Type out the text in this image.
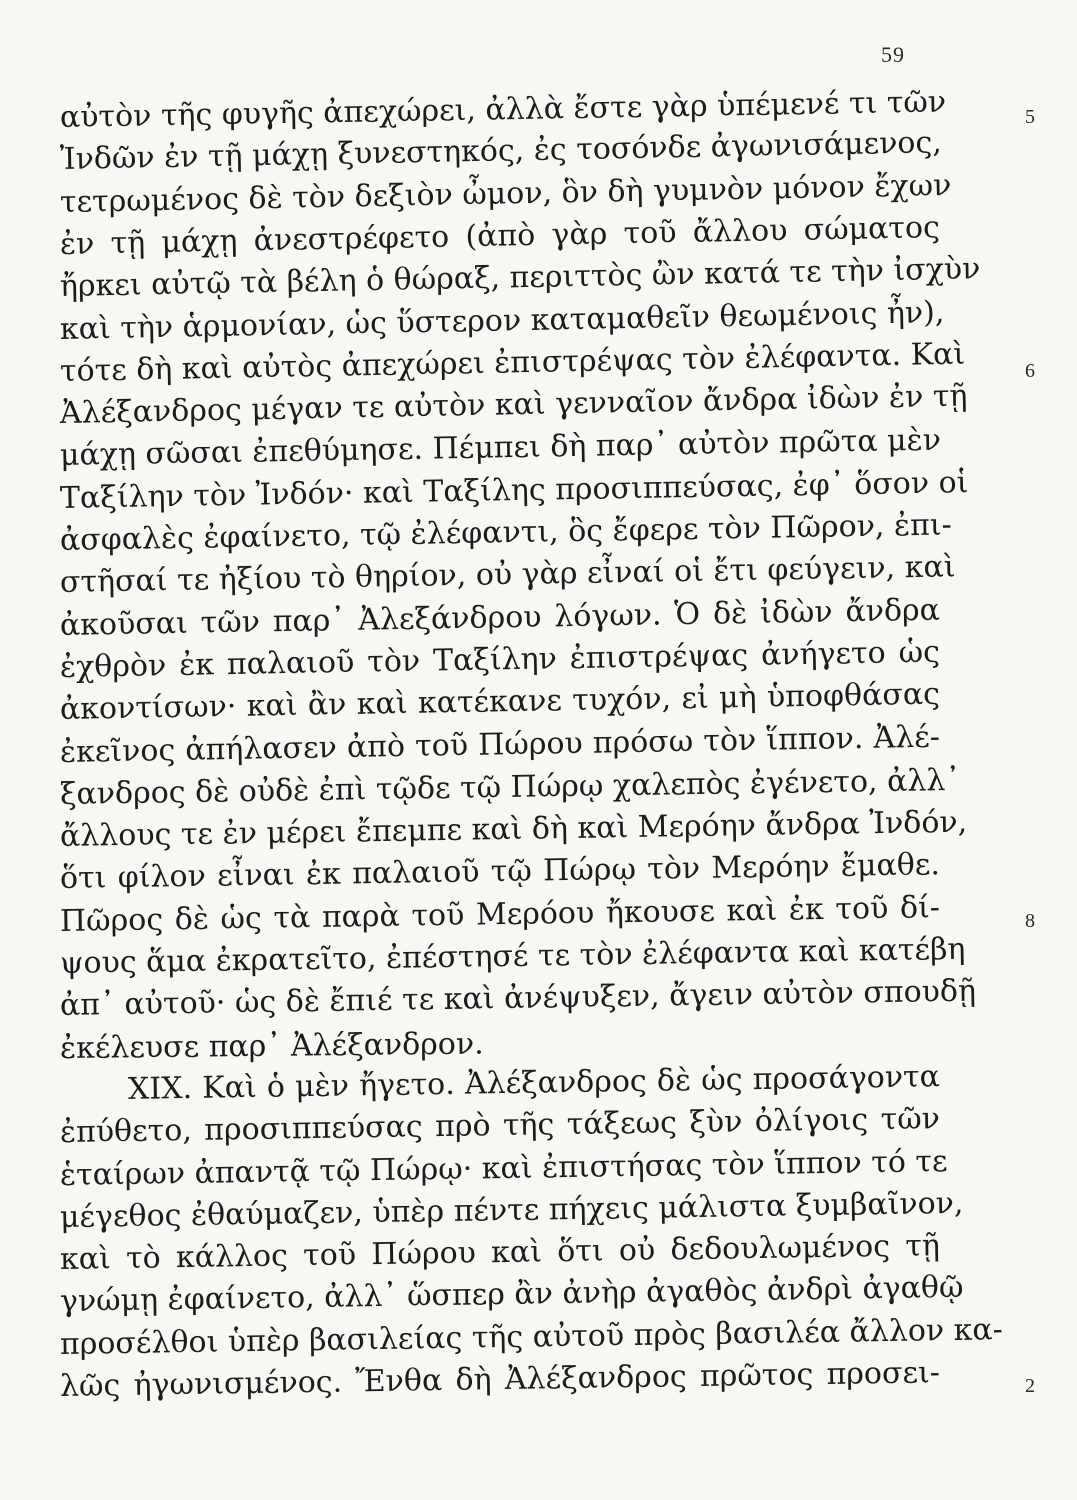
59
αὐτὸν τῆς φυγῆς ἀπεχώρει, ἀλλὰ ἔστε γὰρ ὑπέμενέ τι τῶν
Ἰνδῶν ἐν τῇ μάχῃ ξυνεστηκός, ἐς τοσόνδε ἀγωνισάμενος,
τετρωμένος δὲ τὸν δεξιὸν ὦμον, ὃν δὴ γυμνὸν μόνον ἔχων
ἐν τῇ μάχῃ ἀνεστρέφετο (ἀπὸ γὰρ τοῦ ἄλλου σώματος
ἤρκει αὐτῷ τὰ βέλη ὁ θώραξ, περιττὸς ὢν κατά τε τὴν ἰσχὺν
καὶ τὴν ἁρμονίαν, ὡς ὕστερον καταμαθεῖν θεωμένοις ἦν),
τότε δὴ καὶ αὐτὸς ἀπεχώρει ἐπιστρέψας τὸν ἐλέφαντα. Καὶ
Ἀλέξανδρος μέγαν τε αὐτὸν καὶ γενναῖον ἄνδρα ἰδὼν ἐν τῇ
μάχῃ σῶσαι ἐπεθύμησε. Πέμπει δὴ παρ᾽ αὐτὸν πρῶτα μὲν
Ταξίλην τὸν Ἰνδόν· καὶ Ταξίλης προσιππεύσας, ἐφ᾽ ὅσον οἱ
ἀσφαλὲς ἐφαίνετο, τῷ ἐλέφαντι, ὃς ἔφερε τὸν Πῶρον, ἐπι-
στῆσαί τε ἠξίου τὸ θηρίον, οὐ γὰρ εἶναί οἱ ἔτι φεύγειν, καὶ
ἀκοῦσαι τῶν παρ᾽ Ἀλεξάνδρου λόγων. Ὁ δὲ ἰδὼν ἄνδρα
ἐχθρὸν ἐκ παλαιοῦ τὸν Ταξίλην ἐπιστρέψας ἀνήγετο ὡς
ἀκοντίσων· καὶ ἂν καὶ κατέκανε τυχόν, εἰ μὴ ὑποφθάσας
ἐκεῖνος ἀπήλασεν ἀπὸ τοῦ Πώρου πρόσω τὸν ἵππον. Ἀλέ-
ξανδρος δὲ οὐδὲ ἐπὶ τῷδε τῷ Πώρῳ χαλεπὸς ἐγένετο, ἀλλ᾽
ἄλλους τε ἐν μέρει ἔπεμπε καὶ δὴ καὶ Μερόην ἄνδρα Ἰνδόν,
ὅτι φίλον εἶναι ἐκ παλαιοῦ τῷ Πώρῳ τὸν Μερόην ἔμαθε.
Πῶρος δὲ ὡς τὰ παρὰ τοῦ Μερόου ἤκουσε καὶ ἐκ τοῦ δί-
ψους ἅμα ἐκρατεῖτο, ἐπέστησέ τε τὸν ἐλέφαντα καὶ κατέβη
ἀπ᾽ αὐτοῦ· ὡς δὲ ἔπιέ τε καὶ ἀνέψυξεν, ἄγειν αὐτὸν σπουδῇ
ἐκέλευσε παρ᾽ Ἀλέξανδρον.
XIX. Καὶ ὁ μὲν ἤγετο. Ἀλέξανδρος δὲ ὡς προσάγοντα
ἐπύθετο, προσιππεύσας πρὸ τῆς τάξεως ξὺν ὀλίγοις τῶν
ἑταίρων ἀπαντᾷ τῷ Πώρῳ· καὶ ἐπιστήσας τὸν ἵππον τό τε
μέγεθος ἐθαύμαζεν, ὑπὲρ πέντε πήχεις μάλιστα ξυμβαῖνον,
καὶ τὸ κάλλος τοῦ Πώρου καὶ ὅτι οὐ δεδουλωμένος τῇ
γνώμῃ ἐφαίνετο, ἀλλ᾽ ὥσπερ ἂν ἀνὴρ ἀγαθὸς ἀνδρὶ ἀγαθῷ
προσέλθοι ὑπὲρ βασιλείας τῆς αὐτοῦ πρὸς βασιλέα ἄλλον κα-
λῶς ἠγωνισμένος. Ἔνθα δὴ Ἀλέξανδρος πρῶτος προσει-
5
6
8
2
